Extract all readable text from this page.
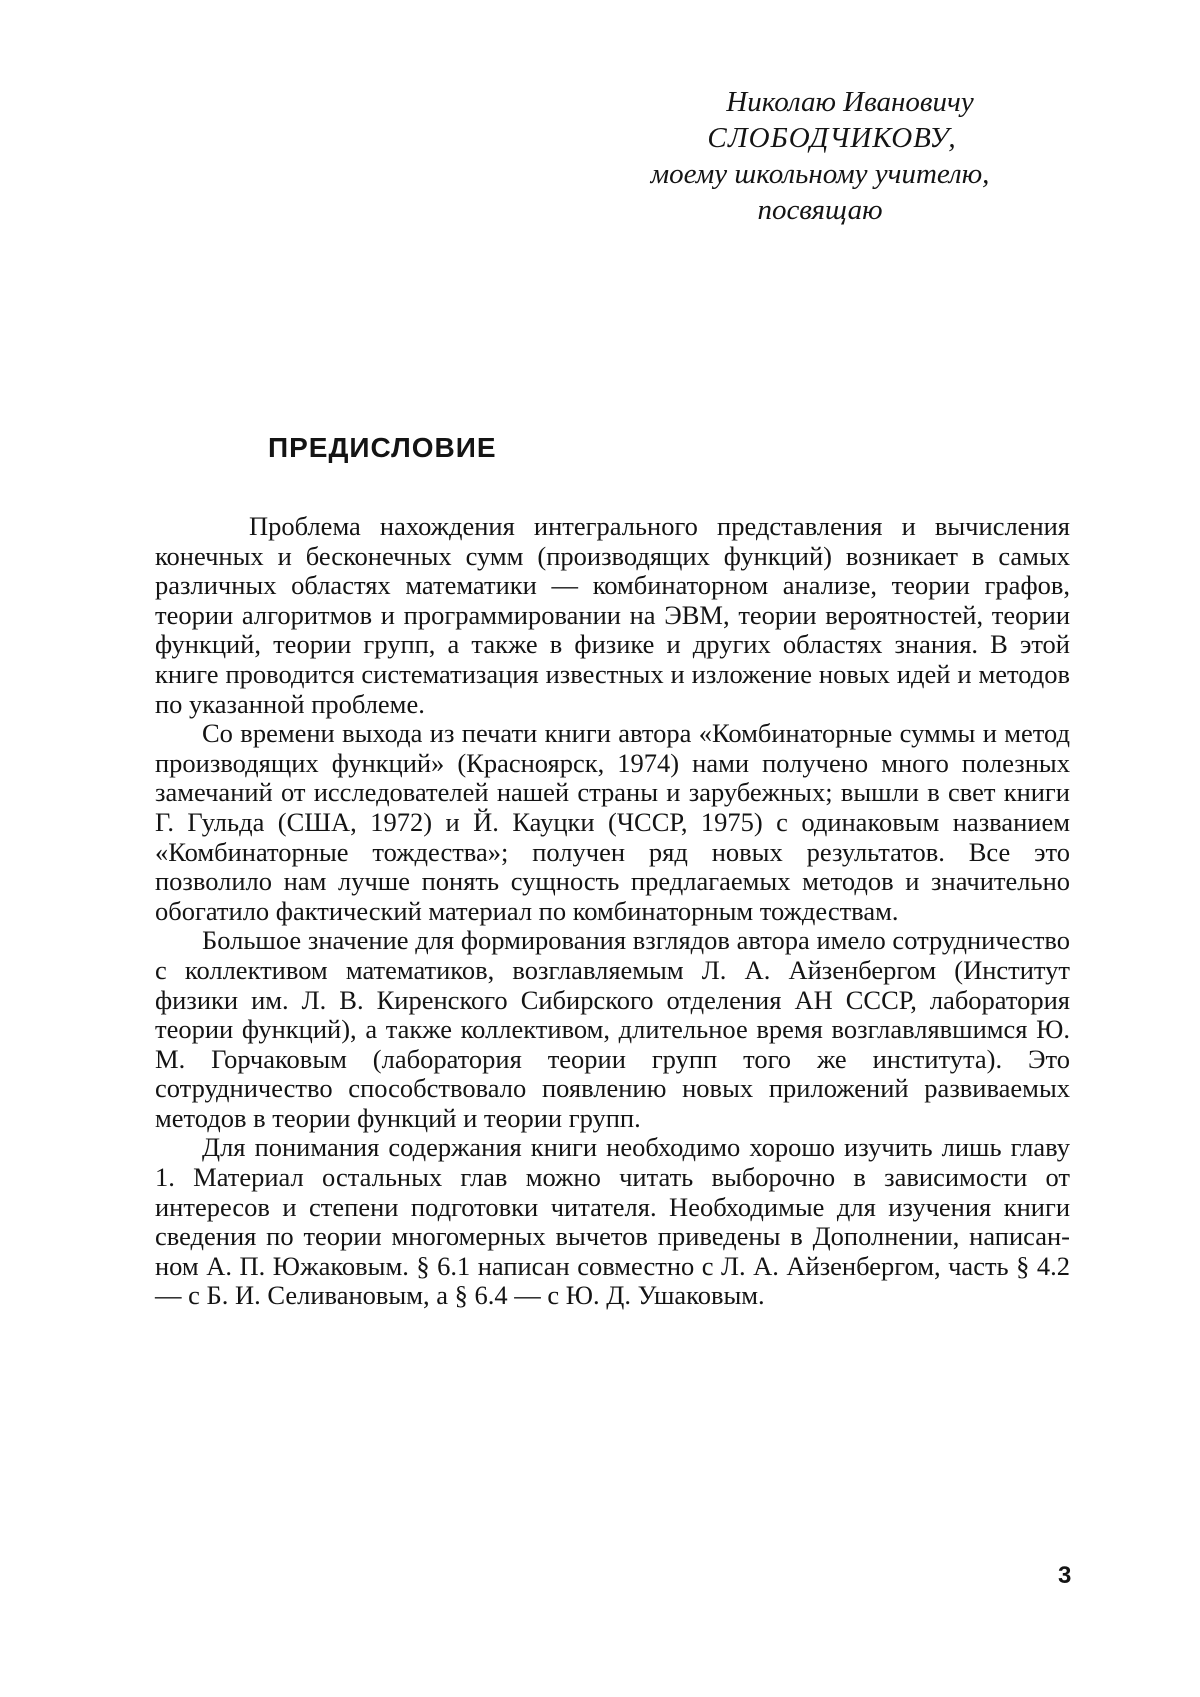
Николаю Ивановичу
СЛОБОДЧИКОВУ,
моему школьному учителю,
посвящаю
ПРЕДИСЛОВИЕ

Проблема нахождения интегрального представления и вычисления конечных и бесконечных сумм (производящих функций) возникает в самых различных областях математики — комбинаторном анализе, теории графов, теории алгоритмов и программировании на ЭВМ, теории вероятностей, теории функций, теории групп, а также в физике и других областях знания. В этой книге проводится систематизация известных и изложение новых идей и методов по указанной проблеме.

Со времени выхода из печати книги автора «Комбинаторные суммы и метод производящих функций» (Красноярск, 1974) нами получено много полезных замечаний от исследователей нашей страны и зарубежных; вышли в свет книги Г. Гульда (США, 1972) и Й. Кауцки (ЧССР, 1975) с одинаковым названием «Комбинаторные тождества»; получен ряд новых результатов. Все это позволило нам лучше понять сущность предлагаемых методов и значительно обогатило фактический материал по комбинаторным тождествам.

Большое значение для формирования взглядов автора имело сотрудничество с коллективом математиков, возглавляемым Л. А. Айзенбергом (Институт физики им. Л. В. Киренского Сибирского отделения АН СССР, лаборатория теории функций), а также коллективом, длительное время возглавлявшимся Ю. М. Горчаковым (лаборатория теории групп того же института). Это сотрудничество способствовало появлению новых приложений развиваемых методов в теории функций и теории групп.

Для понимания содержания книги необходимо хорошо изучить лишь главу 1. Материал остальных глав можно читать выборочно в зависимости от интересов и степени подготовки читателя. Необходимые для изучения книги сведения по теории многомерных вычетов приведены в Дополнении, написанном А. П. Южаковым. § 6.1 написан совместно с Л. А. Айзенбергом, часть § 4.2 — с Б. И. Селивановым, а § 6.4 — с Ю. Д. Ушаковым.

3
